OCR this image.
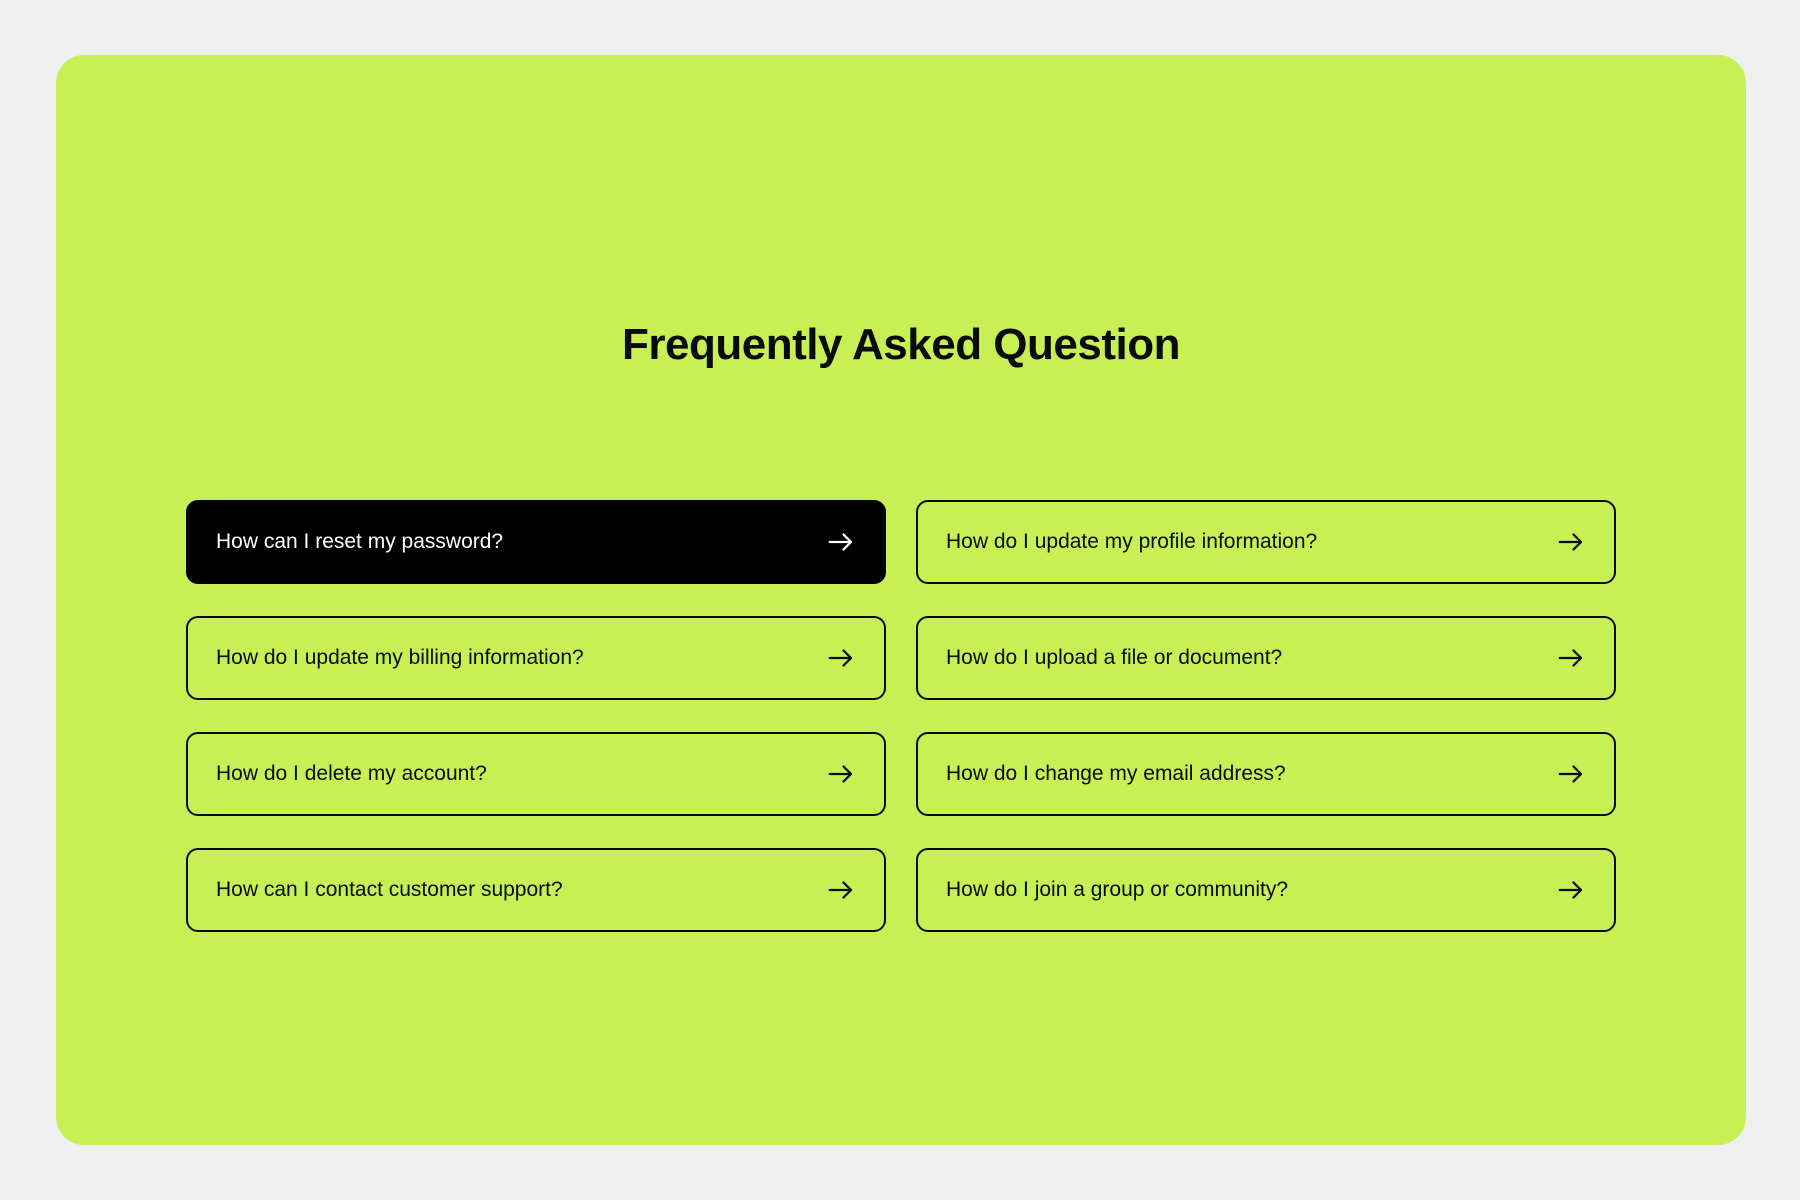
Frequently Asked Question
How can I reset my password?	How do I update my profile information?
How do I update my billing information?	How do I upload a file or document?
How do I delete my account?	How do I change my email address?
How can I contact customer support?	How do I join a group or community?
